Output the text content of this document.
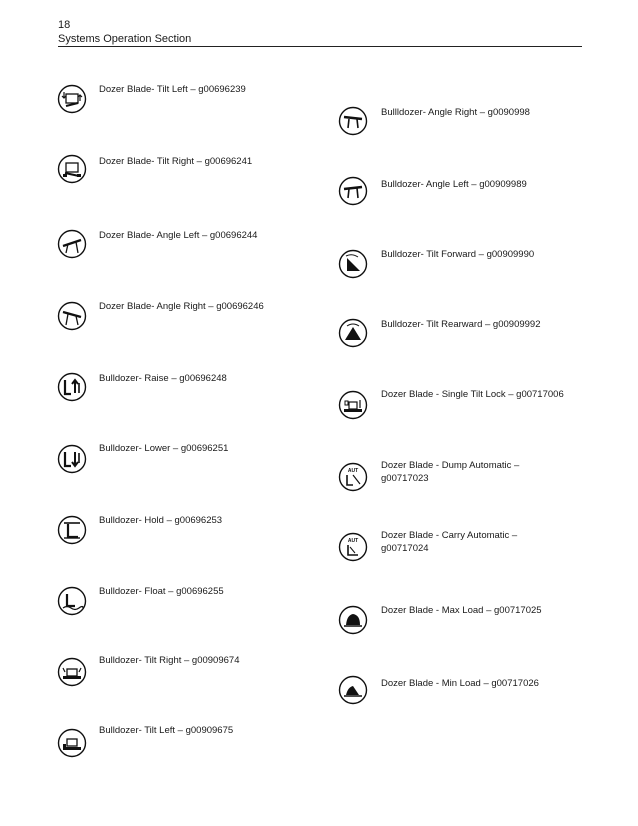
18
Systems Operation Section
Dozer Blade- Tilt Left – g00696239
Dozer Blade- Tilt Right – g00696241
Dozer Blade- Angle Left – g00696244
Dozer Blade- Angle Right – g00696246
Bulldozer- Raise – g00696248
Bulldozer- Lower – g00696251
Bulldozer- Hold – g00696253
Bulldozer- Float – g00696255
Bulldozer- Tilt Right – g00909674
Bulldozer- Tilt Left – g00909675
Bullldozer- Angle Right – g0090998
Bulldozer- Angle Left – g00909989
Bulldozer- Tilt Forward – g00909990
Bulldozer- Tilt Rearward – g00909992
Dozer Blade - Single Tilt Lock – g00717006
AUT Dozer Blade - Dump Automatic – g00717023
AUT Dozer Blade - Carry Automatic – g00717024
Dozer Blade - Max Load – g00717025
Dozer Blade - Min Load – g00717026
